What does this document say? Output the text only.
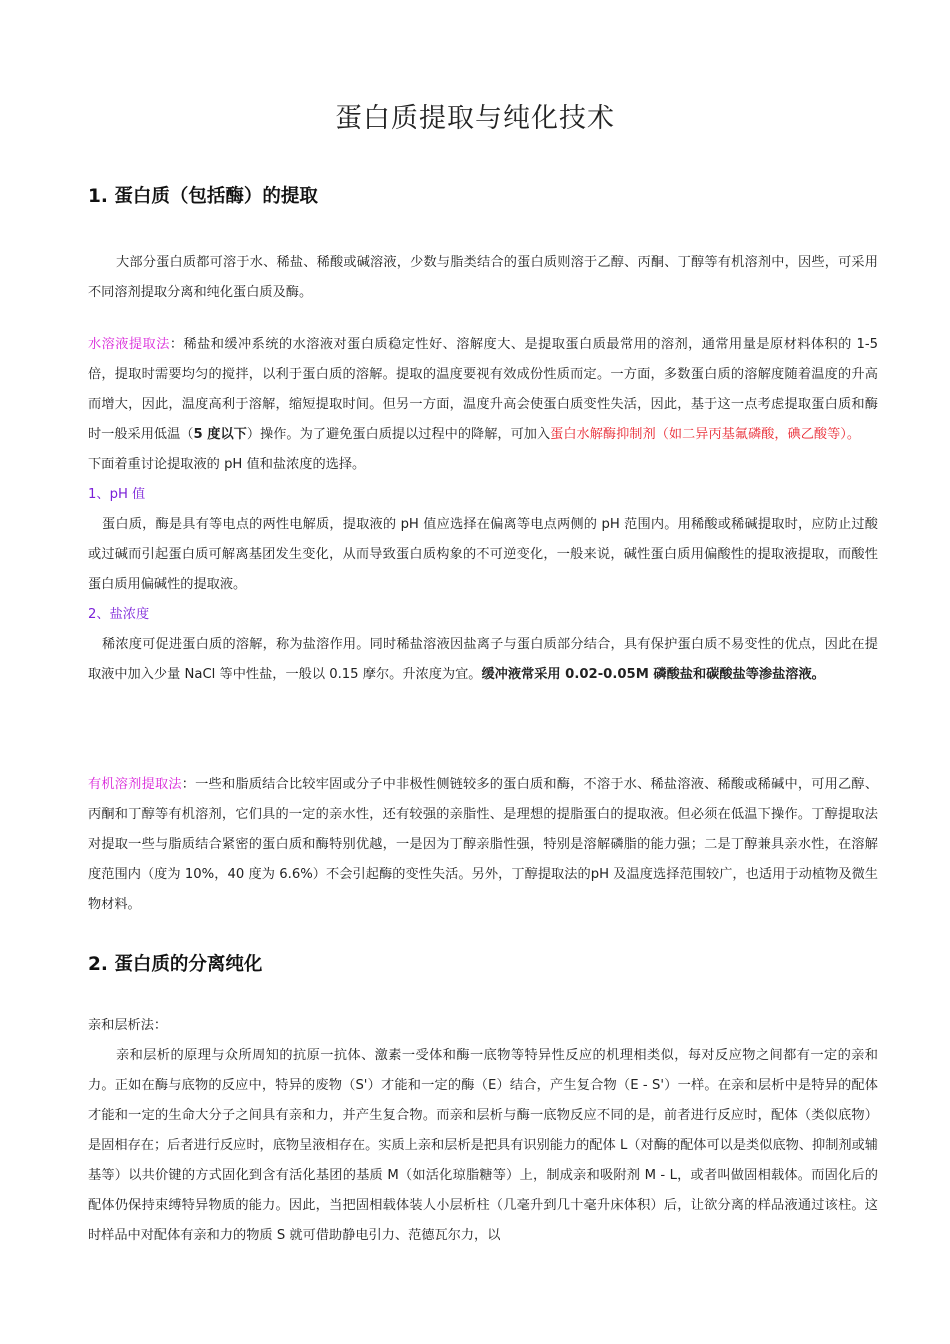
蛋白质提取与纯化技术
1. 蛋白质（包括酶）的提取

大部分蛋白质都可溶于水、稀盐、稀酸或碱溶液，少数与脂类结合的蛋白质则溶于乙醇、丙酮、丁醇等有机溶剂中，因些，可采用不同溶剂提取分离和纯化蛋白质及酶。

水溶液提取法：稀盐和缓冲系统的水溶液对蛋白质稳定性好、溶解度大、是提取蛋白质最常用的溶剂，通常用量是原材料体积的 1-5 倍，提取时需要均匀的搅拌，以利于蛋白质的溶解。提取的温度要视有效成份性质而定。一方面，多数蛋白质的溶解度随着温度的升高而增大，因此，温度高利于溶解，缩短提取时间。但另一方面，温度升高会使蛋白质变性失活，因此，基于这一点考虑提取蛋白质和酶时一般采用低温（5 度以下）操作。为了避免蛋白质提以过程中的降解，可加入蛋白水解酶抑制剂（如二异丙基氟磷酸，碘乙酸等）。

下面着重讨论提取液的 pH 值和盐浓度的选择。

1、pH 值

蛋白质，酶是具有等电点的两性电解质，提取液的 pH 值应选择在偏离等电点两侧的 pH 范围内。用稀酸或稀碱提取时，应防止过酸或过碱而引起蛋白质可解离基团发生变化，从而导致蛋白质构象的不可逆变化，一般来说，碱性蛋白质用偏酸性的提取液提取，而酸性蛋白质用偏碱性的提取液。

2、盐浓度

稀浓度可促进蛋白质的溶解，称为盐溶作用。同时稀盐溶液因盐离子与蛋白质部分结合，具有保护蛋白质不易变性的优点，因此在提取液中加入少量 NaCl 等中性盐，一般以 0.15 摩尔。升浓度为宜。缓冲液常采用 0.02-0.05M 磷酸盐和碳酸盐等渗盐溶液。

有机溶剂提取法：一些和脂质结合比较牢固或分子中非极性侧链较多的蛋白质和酶，不溶于水、稀盐溶液、稀酸或稀碱中，可用乙醇、丙酮和丁醇等有机溶剂，它们具的一定的亲水性，还有较强的亲脂性、是理想的提脂蛋白的提取液。但必须在低温下操作。丁醇提取法对提取一些与脂质结合紧密的蛋白质和酶特别优越，一是因为丁醇亲脂性强，特别是溶解磷脂的能力强；二是丁醇兼具亲水性，在溶解度范围内（度为 10%，40 度为 6.6%）不会引起酶的变性失活。另外，丁醇提取法的pH 及温度选择范围较广，也适用于动植物及微生物材料。

2. 蛋白质的分离纯化

亲和层析法：

亲和层析的原理与众所周知的抗原一抗体、激素一受体和酶一底物等特异性反应的机理相类似，每对反应物之间都有一定的亲和力。正如在酶与底物的反应中，特异的废物（S'）才能和一定的酶（E）结合，产生复合物（E - S'）一样。在亲和层析中是特异的配体才能和一定的生命大分子之间具有亲和力，并产生复合物。而亲和层析与酶一底物反应不同的是，前者进行反应时，配体（类似底物）是固相存在；后者进行反应时，底物呈液相存在。实质上亲和层析是把具有识别能力的配体 L（对酶的配体可以是类似底物、抑制剂或辅基等）以共价键的方式固化到含有活化基团的基质 M（如活化琼脂糖等）上，制成亲和吸附剂 M - L，或者叫做固相载体。而固化后的配体仍保持束缚特异物质的能力。因此，当把固相载体装人小层析柱（几毫升到几十毫升床体积）后，让欲分离的样品液通过该柱。这时样品中对配体有亲和力的物质 S 就可借助静电引力、范德瓦尔力，以
